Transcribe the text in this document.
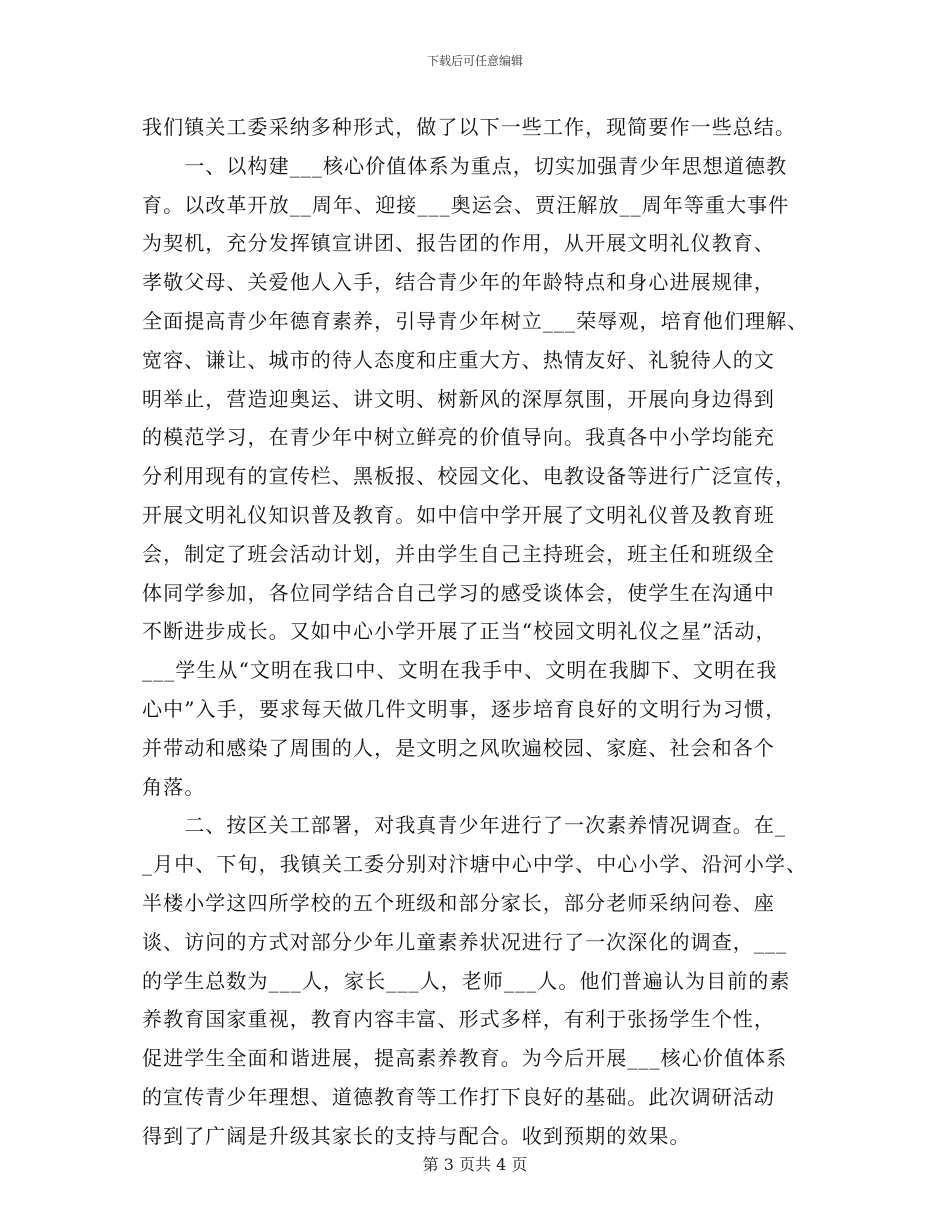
下载后可任意编辑
我们镇关工委采纳多种形式，做了以下一些工作，现简要作一些总结。
　　一、以构建___核心价值体系为重点，切实加强青少年思想道德教
育。以改革开放__周年、迎接___奥运会、贾汪解放__周年等重大事件
为契机，充分发挥镇宣讲团、报告团的作用，从开展文明礼仪教育、
孝敬父母、关爱他人入手，结合青少年的年龄特点和身心进展规律，
全面提高青少年德育素养，引导青少年树立___荣辱观，培育他们理解、
宽容、谦让、城市的待人态度和庄重大方、热情友好、礼貌待人的文
明举止，营造迎奥运、讲文明、树新风的深厚氛围，开展向身边得到
的模范学习，在青少年中树立鲜亮的价值导向。我真各中小学均能充
分利用现有的宣传栏、黑板报、校园文化、电教设备等进行广泛宣传，
开展文明礼仪知识普及教育。如中信中学开展了文明礼仪普及教育班
会，制定了班会活动计划，并由学生自己主持班会，班主任和班级全
体同学参加，各位同学结合自己学习的感受谈体会，使学生在沟通中
不断进步成长。又如中心小学开展了正当“校园文明礼仪之星”活动，
___学生从“文明在我口中、文明在我手中、文明在我脚下、文明在我
心中”入手，要求每天做几件文明事，逐步培育良好的文明行为习惯，
并带动和感染了周围的人，是文明之风吹遍校园、家庭、社会和各个
角落。
　　二、按区关工部署，对我真青少年进行了一次素养情况调查。在_
_月中、下旬，我镇关工委分别对汴塘中心中学、中心小学、沿河小学、
半楼小学这四所学校的五个班级和部分家长，部分老师采纳问卷、座
谈、访问的方式对部分少年儿童素养状况进行了一次深化的调查，___
的学生总数为___人，家长___人，老师___人。他们普遍认为目前的素
养教育国家重视，教育内容丰富、形式多样，有利于张扬学生个性，
促进学生全面和谐进展，提高素养教育。为今后开展___核心价值体系
的宣传青少年理想、道德教育等工作打下良好的基础。此次调研活动
得到了广阔是升级其家长的支持与配合。收到预期的效果。
第 3 页共 4 页
